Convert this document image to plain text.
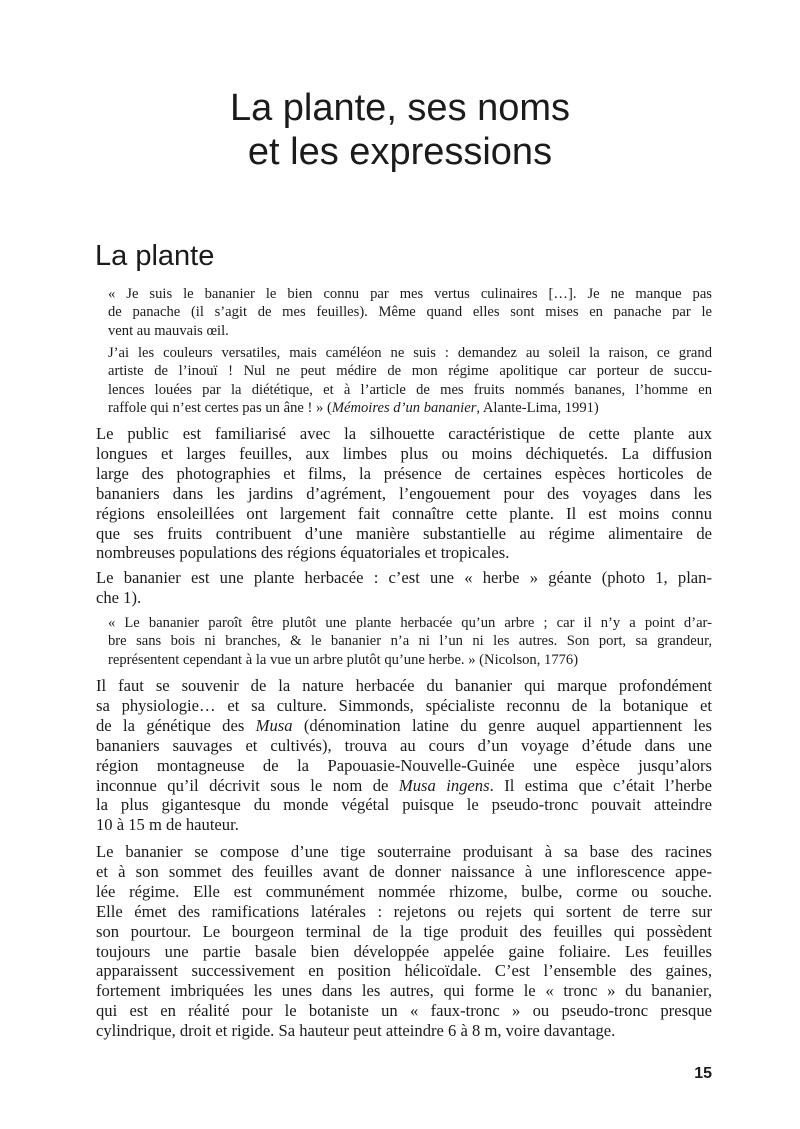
La plante, ses noms
et les expressions
La plante
« Je suis le bananier le bien connu par mes vertus culinaires […]. Je ne manque pas
de panache (il s’agit de mes feuilles). Même quand elles sont mises en panache par le
vent au mauvais œil.
J’ai les couleurs versatiles, mais caméléon ne suis : demandez au soleil la raison, ce grand
artiste de l’inouï ! Nul ne peut médire de mon régime apolitique car porteur de succu-
lences louées par la diététique, et à l’article de mes fruits nommés bananes, l’homme en
raffole qui n’est certes pas un âne ! » (Mémoires d’un bananier, Alante-Lima, 1991)
Le public est familiarisé avec la silhouette caractéristique de cette plante aux
longues et larges feuilles, aux limbes plus ou moins déchiquetés. La diffusion
large des photographies et films, la présence de certaines espèces horticoles de
bananiers dans les jardins d’agrément, l’engouement pour des voyages dans les
régions ensoleillées ont largement fait connaître cette plante. Il est moins connu
que ses fruits contribuent d’une manière substantielle au régime alimentaire de
nombreuses populations des régions équatoriales et tropicales.
Le bananier est une plante herbacée : c’est une « herbe » géante (photo 1, plan-
che 1).
« Le bananier paroît être plutôt une plante herbacée qu’un arbre ; car il n’y a point d’ar-
bre sans bois ni branches, & le bananier n’a ni l’un ni les autres. Son port, sa grandeur,
représentent cependant à la vue un arbre plutôt qu’une herbe. » (Nicolson, 1776)
Il faut se souvenir de la nature herbacée du bananier qui marque profondément
sa physiologie… et sa culture. Simmonds, spécialiste reconnu de la botanique et
de la génétique des Musa (dénomination latine du genre auquel appartiennent les
bananiers sauvages et cultivés), trouva au cours d’un voyage d’étude dans une
région montagneuse de la Papouasie-Nouvelle-Guinée une espèce jusqu’alors
inconnue qu’il décrivit sous le nom de Musa ingens. Il estima que c’était l’herbe
la plus gigantesque du monde végétal puisque le pseudo-tronc pouvait atteindre
10 à 15 m de hauteur.
Le bananier se compose d’une tige souterraine produisant à sa base des racines
et à son sommet des feuilles avant de donner naissance à une inflorescence appe-
lée régime. Elle est communément nommée rhizome, bulbe, corme ou souche.
Elle émet des ramifications latérales : rejetons ou rejets qui sortent de terre sur
son pourtour. Le bourgeon terminal de la tige produit des feuilles qui possèdent
toujours une partie basale bien développée appelée gaine foliaire. Les feuilles
apparaissent successivement en position hélicoïdale. C’est l’ensemble des gaines,
fortement imbriquées les unes dans les autres, qui forme le « tronc » du bananier,
qui est en réalité pour le botaniste un « faux-tronc » ou pseudo-tronc presque
cylindrique, droit et rigide. Sa hauteur peut atteindre 6 à 8 m, voire davantage.
15
